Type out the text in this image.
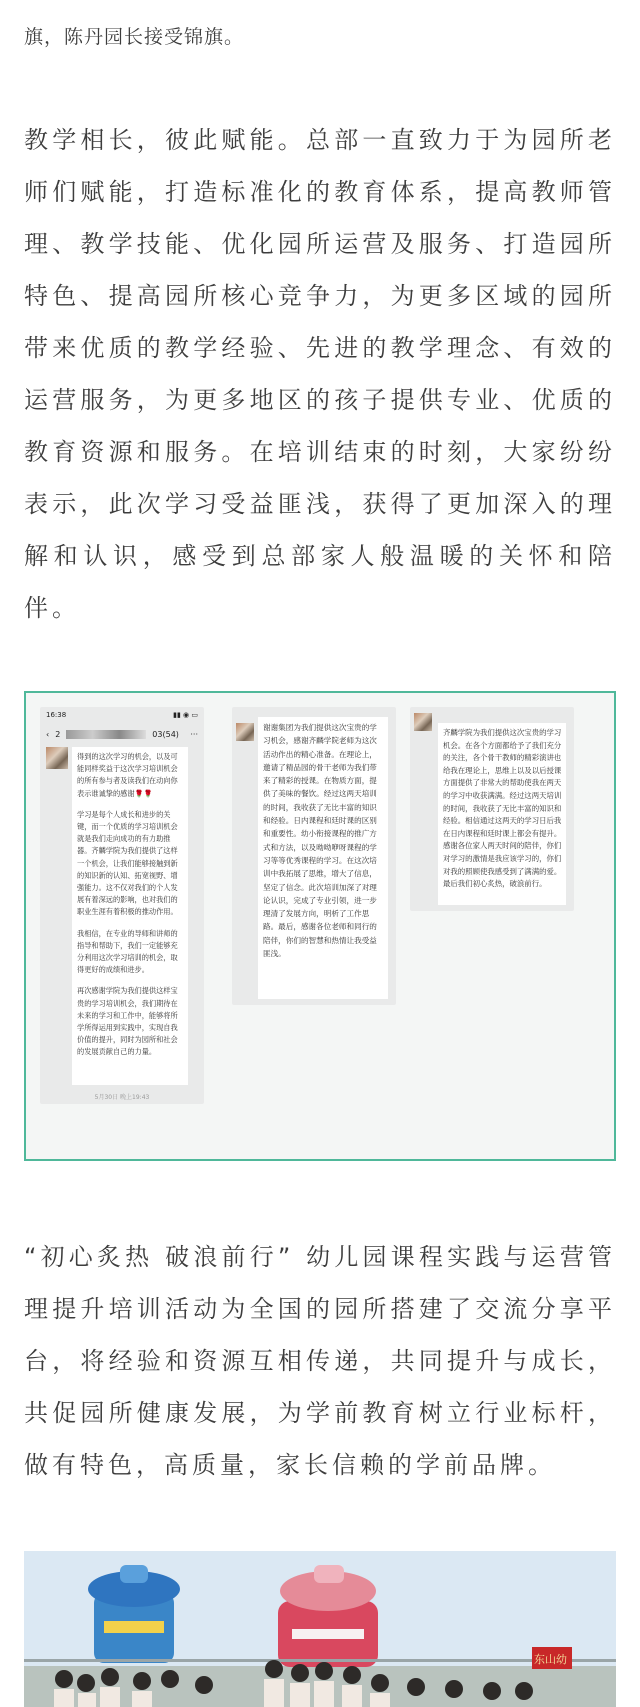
旗，陈丹园长接受锦旗。
教学相长，彼此赋能。总部一直致力于为园所老师们赋能，打造标准化的教育体系，提高教师管理、教学技能、优化园所运营及服务、打造园所特色、提高园所核心竞争力，为更多区域的园所带来优质的教学经验、先进的教学理念、有效的运营服务，为更多地区的孩子提供专业、优质的教育资源和服务。在培训结束的时刻，大家纷纷表示，此次学习受益匪浅，获得了更加深入的理解和认识，感受到总部家人般温暖的关怀和陪伴。
16:38	▮▮ ◉ ▭
‹ 2	03(54) ···

得到的这次学习的机会，以及可能同样奖益于这次学习培训机会的所有参与者及读我们在动向你表示谁诚挚的感谢🌹🌹

学习是每个人成长和进步的关键，而一个优质的学习培训机会就是我们走向成功的有力助推器。齐麟学院为我们提供了这样一个机会，让我们能够接触到新的知识新的认知、拓宽视野、增强能力。这不仅对我们的个人发展有着深远的影响，也对我们的职业生涯有着积极的推动作用。

我相信，在专业的导师和讲师的指导和帮助下，我们一定能够充分利用这次学习培训的机会，取得更好的成绩和进步。

再次感谢学院为我们提供这样宝贵的学习培训机会，我们期待在未来的学习和工作中，能够将所学所得运用到实践中，实现自我价值的提升，同时为园所和社会的发展贡献自己的力量。

5月30日 晚上19:43

谢谢集团为我们提供这次宝贵的学习机会，感谢齐麟学院老师为这次活动作出的精心准备。在理论上，邀请了精品园的骨干老师为我们带来了精彩的授课。在物质方面，提供了美味的餐饮。经过这两天培训的时间，我收获了无比丰富的知识和经验。日内课程和廷时课的区别和重要性。幼小衔接课程的推广方式和方法，以及呦呦咿呀课程的学习等等优秀课程的学习。在这次培训中我拓展了思维，增大了信息，坚定了信念。此次培训加深了对理论认识，完成了专业引领，进一步理清了发展方向，明析了工作思路。最后，感谢各位老师和同行的陪伴，你们的智慧和热情让我受益匪浅。

齐麟学院为我们提供这次宝贵的学习机会。在各个方面都给予了我们充分的关注，各个骨干教师的精彩演讲也给我在理论上，思维上以及以后授课方面提供了非常大的帮助使我在两天的学习中收获满满。经过这两天培训的时间，我收获了无比丰富的知识和经验。相信通过这两天的学习日后我在日内课程和廷时课上都会有提升。感谢各位家人两天时间的陪伴，你们对学习的激情是我应该学习的，你们对我的照顾使我感受到了满满的爱。最后我们初心炙热，破浪前行。

“初心炙热 破浪前行” 幼儿园课程实践与运营管理提升培训活动为全国的园所搭建了交流分享平台，将经验和资源互相传递，共同提升与成长，共促园所健康发展，为学前教育树立行业标杆，做有特色，高质量，家长信赖的学前品牌。
东山幼
